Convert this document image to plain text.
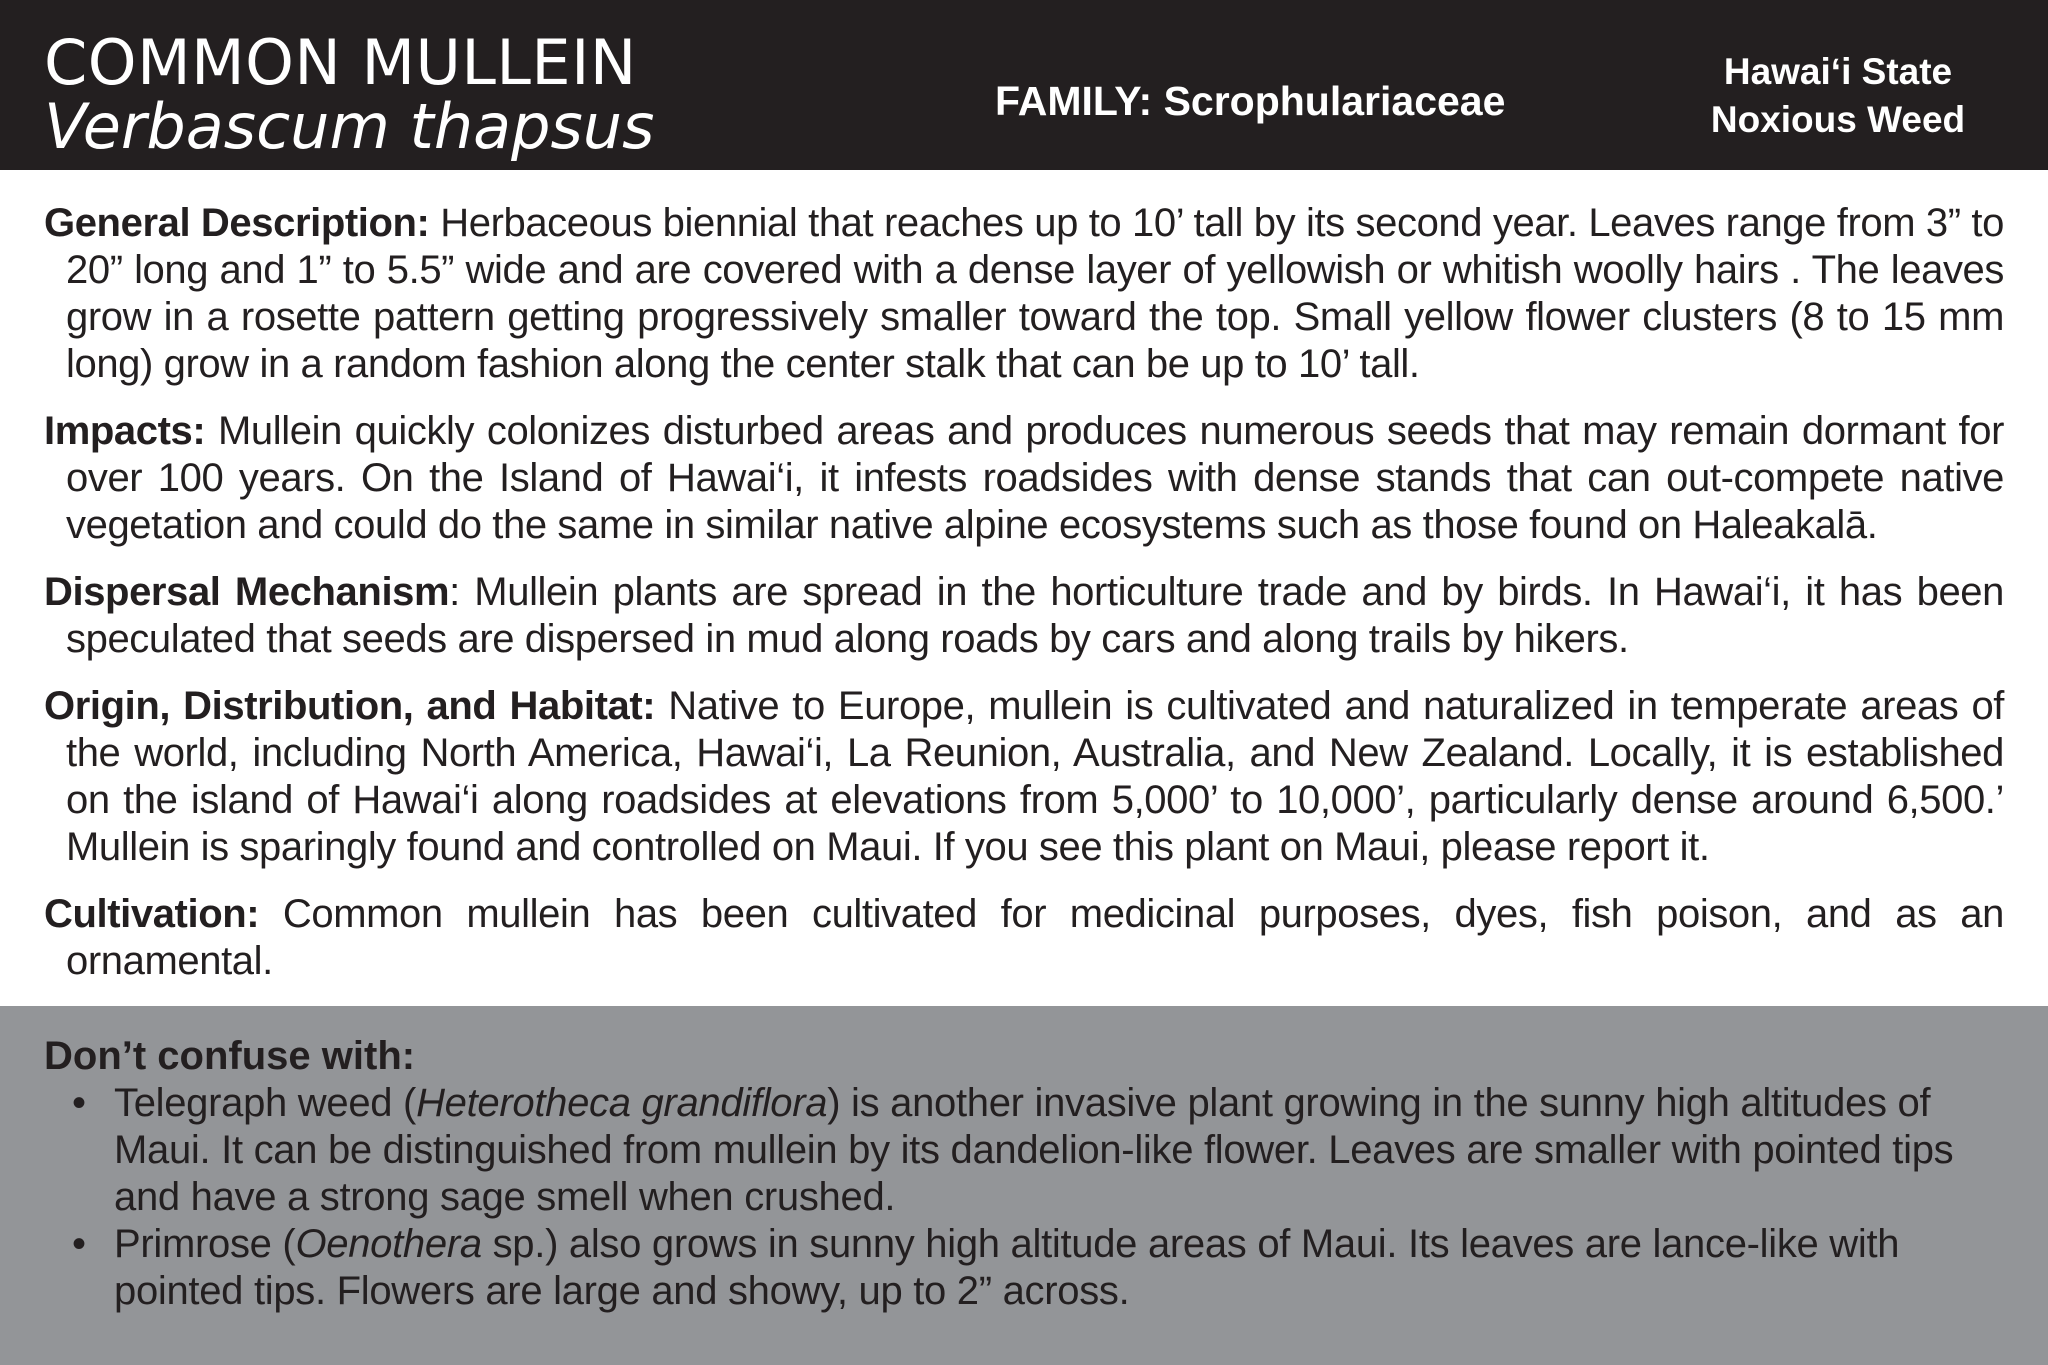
COMMON MULLEIN
Verbascum thapsus	FAMILY: Scrophulariaceae
Hawai‘i State
Noxious Weed

General Description: Herbaceous biennial that reaches up to 10’ tall by its second year. Leaves range from 3” to 20” long and 1” to 5.5” wide and are covered with a dense layer of yellowish or whitish woolly hairs . The leaves grow in a rosette pattern getting progressively smaller toward the top. Small yellow flower clusters (8 to 15 mm long) grow in a random fashion along the center stalk that can be up to 10’ tall.

Impacts: Mullein quickly colonizes disturbed areas and produces numerous seeds that may remain dormant for over 100 years. On the Island of Hawai‘i, it infests roadsides with dense stands that can out-compete native vegetation and could do the same in similar native alpine ecosystems such as those found on Haleakalā.

Dispersal Mechanism: Mullein plants are spread in the horticulture trade and by birds. In Hawai‘i, it has been speculated that seeds are dispersed in mud along roads by cars and along trails by hikers.

Origin, Distribution, and Habitat: Native to Europe, mullein is cultivated and naturalized in temperate areas of the world, including North America, Hawai‘i, La Reunion, Australia, and New Zealand. Locally, it is established on the island of Hawai‘i along roadsides at elevations from 5,000’ to 10,000’, particularly dense around 6,500.’ Mullein is sparingly found and controlled on Maui. If you see this plant on Maui, please report it.

Cultivation: Common mullein has been cultivated for medicinal purposes, dyes, fish poison, and as an ornamental.

Don’t confuse with:
• Telegraph weed (Heterotheca grandiflora) is another invasive plant growing in the sunny high altitudes of Maui. It can be distinguished from mullein by its dandelion-like flower. Leaves are smaller with pointed tips and have a strong sage smell when crushed.
• Primrose (Oenothera sp.) also grows in sunny high altitude areas of Maui. Its leaves are lance-like with pointed tips. Flowers are large and showy, up to 2” across.
